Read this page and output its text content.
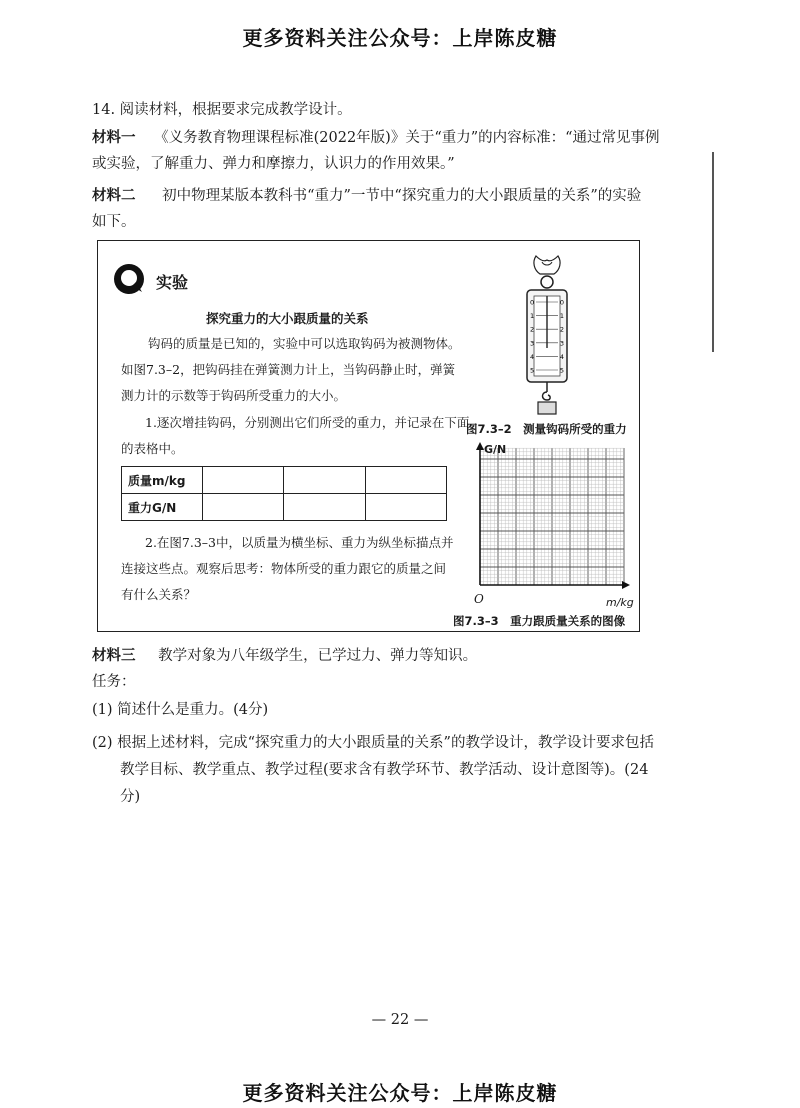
更多资料关注公众号：上岸陈皮糖
14. 阅读材料，根据要求完成教学设计。
材料一 《义务教育物理课程标准(2022年版)》关于“重力”的内容标准：“通过常见事例
或实验，了解重力、弹力和摩擦力，认识力的作用效果。”
材料二 初中物理某版本教科书“重力”一节中“探究重力的大小跟质量的关系”的实验
如下。
实验
探究重力的大小跟质量的关系
钩码的质量是已知的，实验中可以选取钩码为被测物体。
如图7.3–2，把钩码挂在弹簧测力计上，当钩码静止时，弹簧
测力计的示数等于钩码所受重力的大小。
1.逐次增挂钩码，分别测出它们所受的重力，并记录在下面
的表格中。
质量m/kg			
重力G/N			
2.在图7.3–3中，以质量为横坐标、重力为纵坐标描点并
连接这些点。观察后思考：物体所受的重力跟它的质量之间
有什么关系？
0	0
1	1
2	2
3	3
4	4
5	5
图7.3–2　测量钩码所受的重力
G/N
O	m/kg
图7.3–3　重力跟质量关系的图像
材料三 教学对象为八年级学生，已学过力、弹力等知识。
任务：
(1) 简述什么是重力。(4分)
(2) 根据上述材料，完成“探究重力的大小跟质量的关系”的教学设计，教学设计要求包括
教学目标、教学重点、教学过程(要求含有教学环节、教学活动、设计意图等)。(24
分)
— 22 —
更多资料关注公众号：上岸陈皮糖
